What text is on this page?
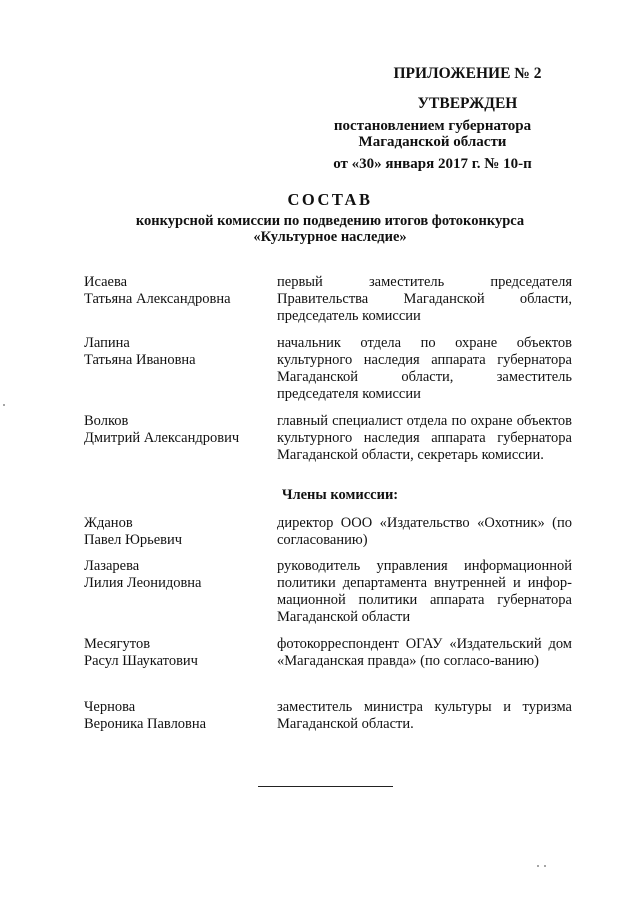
ПРИЛОЖЕНИЕ № 2
УТВЕРЖДЕН
постановлением губернатора Магаданской области
от «30» января 2017 г. № 10-п
СОСТАВ
конкурсной комиссии по подведению итогов фотоконкурса «Культурное наследие»
Исаева
Татьяна Александровна
первый заместитель председателя Правительства Магаданской области, председатель комиссии
Лапина
Татьяна Ивановна
начальник отдела по охране объектов культурного наследия аппарата губернатора Магаданской области, заместитель председателя комиссии
Волков
Дмитрий Александрович
главный специалист отдела по охране объектов культурного наследия аппарата губернатора Магаданской области, секретарь комиссии.
Члены комиссии:
Жданов
Павел Юрьевич
директор ООО «Издательство «Охотник» (по согласованию)
Лазарева
Лилия Леонидовна
руководитель управления информационной политики департамента внутренней и инфор-мационной политики аппарата губернатора Магаданской области
Месягутов
Расул Шаукатович
фотокорреспондент ОГАУ «Издательский дом «Магаданская правда» (по согласо-ванию)
Чернова
Вероника Павловна
заместитель министра культуры и туризма Магаданской области.
